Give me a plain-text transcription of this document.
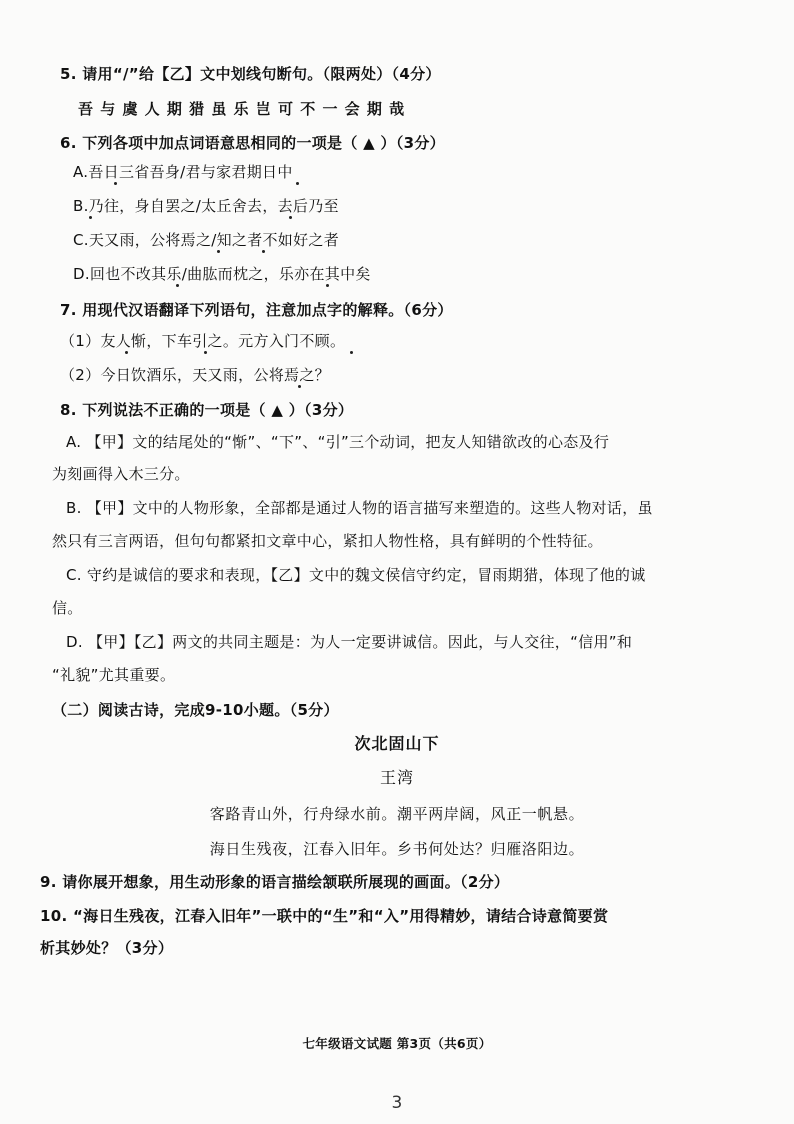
5. 请用“/”给【乙】文中划线句断句。（限两处）（4分）
吾 与 虞 人 期 猎 虽 乐 岂 可 不 一 会 期 哉
6. 下列各项中加点词语意思相同的一项是（ ▲ ）（3分）
A.吾日三省吾身/君与家君期日中
B.乃往，身自罢之/太丘舍去，去后乃至
C.天又雨，公将焉之/知之者不如好之者
D.回也不改其乐/曲肱而枕之，乐亦在其中矣
7. 用现代汉语翻译下列语句，注意加点字的解释。（6分）
（1）友人惭，下车引之。元方入门不顾。
（2）今日饮酒乐，天又雨，公将焉之？
8. 下列说法不正确的一项是（ ▲ ）（3分）
A. 【甲】文的结尾处的“惭”、“下”、“引”三个动词，把友人知错欲改的心态及行
为刻画得入木三分。
B. 【甲】文中的人物形象，全部都是通过人物的语言描写来塑造的。这些人物对话，虽
然只有三言两语，但句句都紧扣文章中心，紧扣人物性格，具有鲜明的个性特征。
C. 守约是诚信的要求和表现，【乙】文中的魏文侯信守约定，冒雨期猎，体现了他的诚
信。
D. 【甲】【乙】两文的共同主题是：为人一定要讲诚信。因此，与人交往，“信用”和
“礼貌”尤其重要。
（二）阅读古诗，完成9-10小题。（5分）
次北固山下
王湾
客路青山外，行舟绿水前。潮平两岸阔，风正一帆悬。
海日生残夜，江春入旧年。乡书何处达？归雁洛阳边。
9. 请你展开想象，用生动形象的语言描绘颔联所展现的画面。（2分）
10. “海日生残夜，江春入旧年”一联中的“生”和“入”用得精妙，请结合诗意简要赏
析其妙处？（3分）
七年级语文试题 第3页（共6页）
3
